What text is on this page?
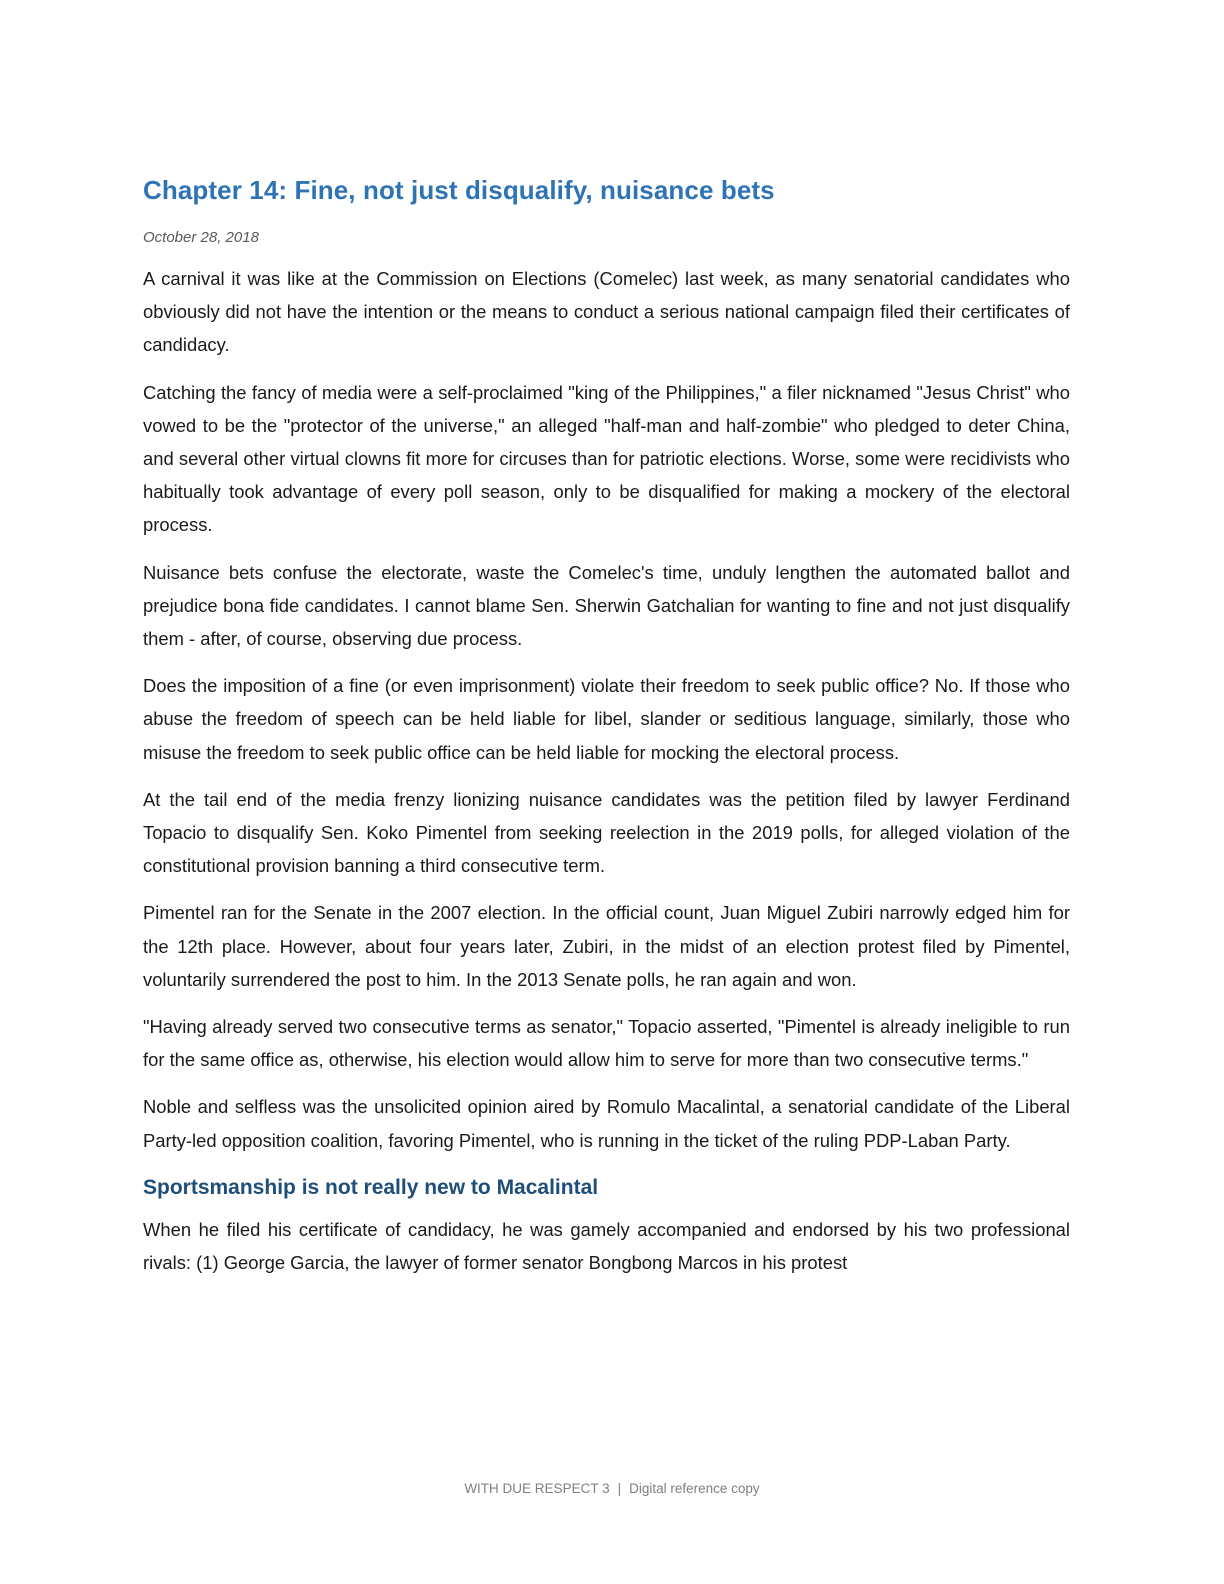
Chapter 14: Fine, not just disqualify, nuisance bets
October 28, 2018

A carnival it was like at the Commission on Elections (Comelec) last week, as many senatorial candidates who obviously did not have the intention or the means to conduct a serious national campaign filed their certificates of candidacy.

Catching the fancy of media were a self-proclaimed "king of the Philippines," a filer nicknamed "Jesus Christ" who vowed to be the "protector of the universe," an alleged "half-man and half-zombie" who pledged to deter China, and several other virtual clowns fit more for circuses than for patriotic elections. Worse, some were recidivists who habitually took advantage of every poll season, only to be disqualified for making a mockery of the electoral process.

Nuisance bets confuse the electorate, waste the Comelec's time, unduly lengthen the automated ballot and prejudice bona fide candidates. I cannot blame Sen. Sherwin Gatchalian for wanting to fine and not just disqualify them - after, of course, observing due process.

Does the imposition of a fine (or even imprisonment) violate their freedom to seek public office? No. If those who abuse the freedom of speech can be held liable for libel, slander or seditious language, similarly, those who misuse the freedom to seek public office can be held liable for mocking the electoral process.

At the tail end of the media frenzy lionizing nuisance candidates was the petition filed by lawyer Ferdinand Topacio to disqualify Sen. Koko Pimentel from seeking reelection in the 2019 polls, for alleged violation of the constitutional provision banning a third consecutive term.

Pimentel ran for the Senate in the 2007 election. In the official count, Juan Miguel Zubiri narrowly edged him for the 12th place. However, about four years later, Zubiri, in the midst of an election protest filed by Pimentel, voluntarily surrendered the post to him. In the 2013 Senate polls, he ran again and won.

"Having already served two consecutive terms as senator," Topacio asserted, "Pimentel is already ineligible to run for the same office as, otherwise, his election would allow him to serve for more than two consecutive terms."

Noble and selfless was the unsolicited opinion aired by Romulo Macalintal, a senatorial candidate of the Liberal Party-led opposition coalition, favoring Pimentel, who is running in the ticket of the ruling PDP-Laban Party.

Sportsmanship is not really new to Macalintal

When he filed his certificate of candidacy, he was gamely accompanied and endorsed by his two professional rivals: (1) George Garcia, the lawyer of former senator Bongbong Marcos in his protest

WITH DUE RESPECT 3 | Digital reference copy
